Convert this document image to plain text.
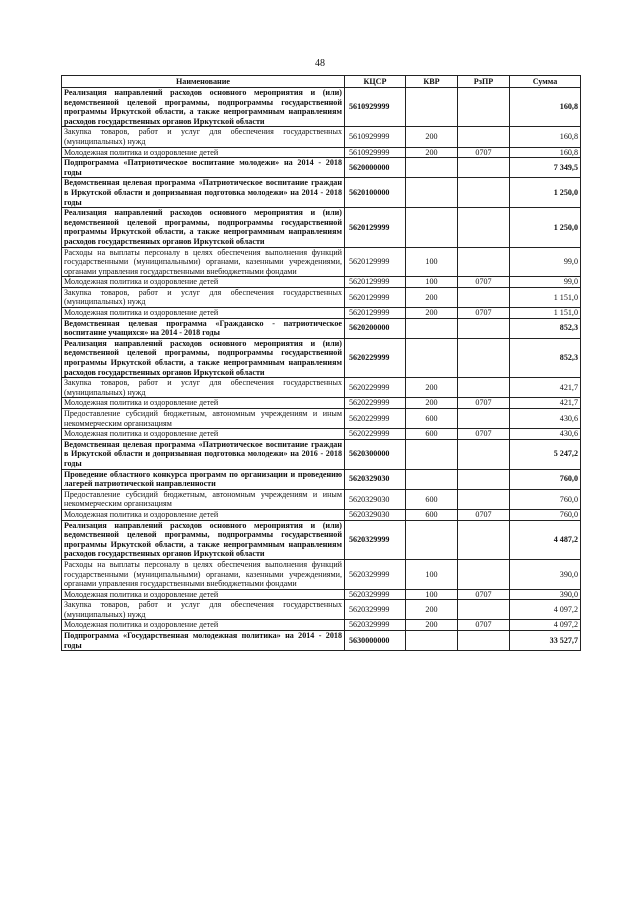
48
Наименование	КЦСР	КВР	РзПР	Сумма
Реализация направлений расходов основного мероприятия и (или) ведомственной целевой программы, подпрограммы государственной программы Иркутской области, а также непрограммным направлениям расходов государственных органов Иркутской области	5610929999			160,8
Закупка товаров, работ и услуг для обеспечения государственных (муниципальных) нужд	5610929999	200		160,8
Молодежная политика и оздоровление детей	5610929999	200	0707	160,8
Подпрограмма «Патриотическое воспитание молодежи» на 2014 - 2018 годы	5620000000			7 349,5
Ведомственная целевая программа «Патриотическое воспитание граждан в Иркутской области и допризывная подготовка молодежи» на 2014 - 2018 годы	5620100000			1 250,0
Реализация направлений расходов основного мероприятия и (или) ведомственной целевой программы, подпрограммы государственной программы Иркутской области, а также непрограммным направлениям расходов государственных органов Иркутской области	5620129999			1 250,0
Расходы на выплаты персоналу в целях обеспечения выполнения функций государственными (муниципальными) органами, казенными учреждениями, органами управления государственными внебюджетными фондами	5620129999	100		99,0
Молодежная политика и оздоровление детей	5620129999	100	0707	99,0
Закупка товаров, работ и услуг для обеспечения государственных (муниципальных) нужд	5620129999	200		1 151,0
Молодежная политика и оздоровление детей	5620129999	200	0707	1 151,0
Ведомственная целевая программа «Гражданско - патриотическое воспитание учащихся» на 2014 - 2018 годы	5620200000			852,3
Реализация направлений расходов основного мероприятия и (или) ведомственной целевой программы, подпрограммы государственной программы Иркутской области, а также непрограммным направлениям расходов государственных органов Иркутской области	5620229999			852,3
Закупка товаров, работ и услуг для обеспечения государственных (муниципальных) нужд	5620229999	200		421,7
Молодежная политика и оздоровление детей	5620229999	200	0707	421,7
Предоставление субсидий бюджетным, автономным учреждениям и иным некоммерческим организациям	5620229999	600		430,6
Молодежная политика и оздоровление детей	5620229999	600	0707	430,6
Ведомственная целевая программа «Патриотическое воспитание граждан в Иркутской области и допризывная подготовка молодежи» на 2016 - 2018 годы	5620300000			5 247,2
Проведение областного конкурса программ по организации и проведению лагерей патриотической направленности	5620329030			760,0
Предоставление субсидий бюджетным, автономным учреждениям и иным некоммерческим организациям	5620329030	600		760,0
Молодежная политика и оздоровление детей	5620329030	600	0707	760,0
Реализация направлений расходов основного мероприятия и (или) ведомственной целевой программы, подпрограммы государственной программы Иркутской области, а также непрограммным направлениям расходов государственных органов Иркутской области	5620329999			4 487,2
Расходы на выплаты персоналу в целях обеспечения выполнения функций государственными (муниципальными) органами, казенными учреждениями, органами управления государственными внебюджетными фондами	5620329999	100		390,0
Молодежная политика и оздоровление детей	5620329999	100	0707	390,0
Закупка товаров, работ и услуг для обеспечения государственных (муниципальных) нужд	5620329999	200		4 097,2
Молодежная политика и оздоровление детей	5620329999	200	0707	4 097,2
Подпрограмма «Государственная молодежная политика» на 2014 - 2018 годы	5630000000			33 527,7
